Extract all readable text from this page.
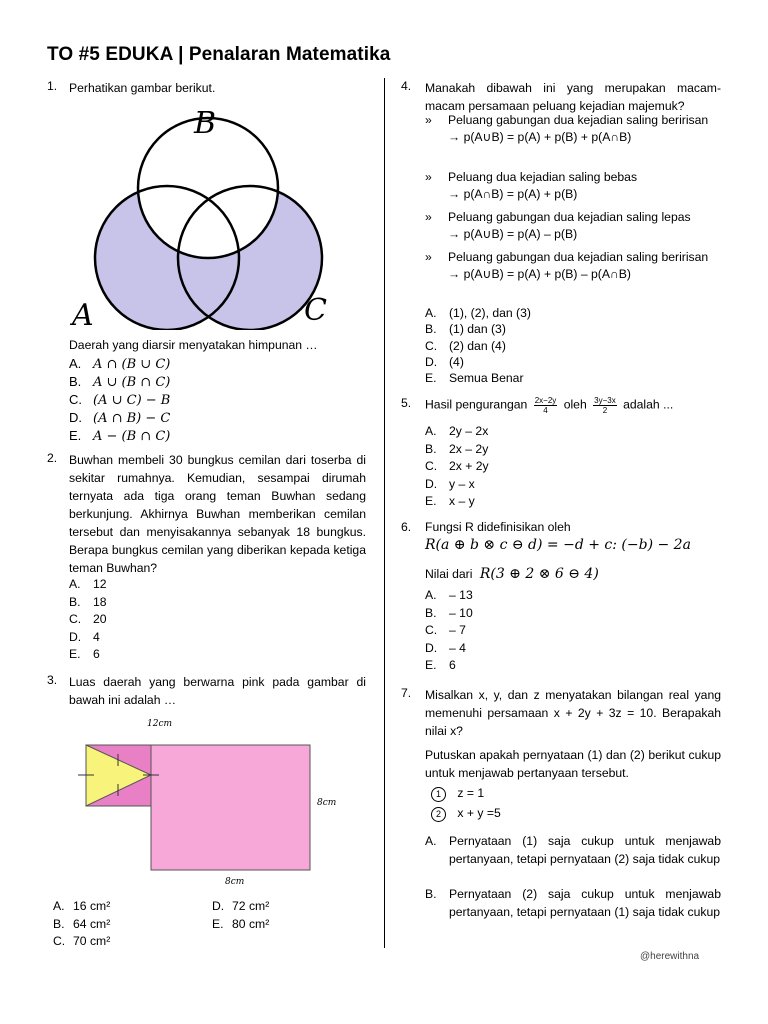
TO #5 EDUKA | Penalaran Matematika
1. Perhatikan gambar berikut.
B
A	C
Daerah yang diarsir menyatakan himpunan …
A. A ∩ (B ∪ C)
B. A ∪ (B ∩ C)
C. (A ∪ C) − B
D. (A ∩ B) − C
E. A − (B ∩ C)
2. Buwhan membeli 30 bungkus cemilan dari toserba di sekitar rumahnya. Kemudian, sesampai dirumah ternyata ada tiga orang teman Buwhan sedang berkunjung. Akhirnya Buwhan memberikan cemilan tersebut dan menyisakannya sebanyak 18 bungkus. Berapa bungkus cemilan yang diberikan kepada ketiga teman Buwhan?
A. 12
B. 18
C. 20
D. 4
E. 6
3. Luas daerah yang berwarna pink pada gambar di bawah ini adalah …
12cm
8cm
8cm
A. 16 cm²
B. 64 cm²
C. 70 cm²
D. 72 cm²
E. 80 cm²
4. Manakah dibawah ini yang merupakan macam-macam persamaan peluang kejadian majemuk?
» Peluang gabungan dua kejadian saling beririsan
→ p(A∪B) = p(A) + p(B) + p(A∩B)
» Peluang dua kejadian saling bebas
→ p(A∩B) = p(A) + p(B)
» Peluang gabungan dua kejadian saling lepas
→ p(A∪B) = p(A) – p(B)
» Peluang gabungan dua kejadian saling beririsan
→ p(A∪B) = p(A) + p(B) – p(A∩B)
A. (1), (2), dan (3)
B. (1) dan (3)
C. (2) dan (4)
D. (4)
E. Semua Benar
5. Hasil pengurangan $\frac{2x-2y}{4}$ oleh $\frac{3y-3x}{2}$ adalah ...
A. 2y – 2x
B. 2x – 2y
C. 2x + 2y
D. y – x
E. x – y
6. Fungsi R didefinisikan oleh
R(a ⊕ b ⊗ c ⊖ d) = −d + c: (−b) − 2a
Nilai dari R(3 ⊕ 2 ⊗ 6 ⊖ 4)
A. – 13
B. – 10
C. – 7
D. – 4
E. 6
7. Misalkan x, y, dan z menyatakan bilangan real yang memenuhi persamaan x + 2y + 3z = 10. Berapakah nilai x?
Putuskan apakah pernyataan (1) dan (2) berikut cukup untuk menjawab pertanyaan tersebut.
1 z = 1
2 x + y =5
A. Pernyataan (1) saja cukup untuk menjawab pertanyaan, tetapi pernyataan (2) saja tidak cukup
B. Pernyataan (2) saja cukup untuk menjawab pertanyaan, tetapi pernyataan (1) saja tidak cukup
@herewithna
